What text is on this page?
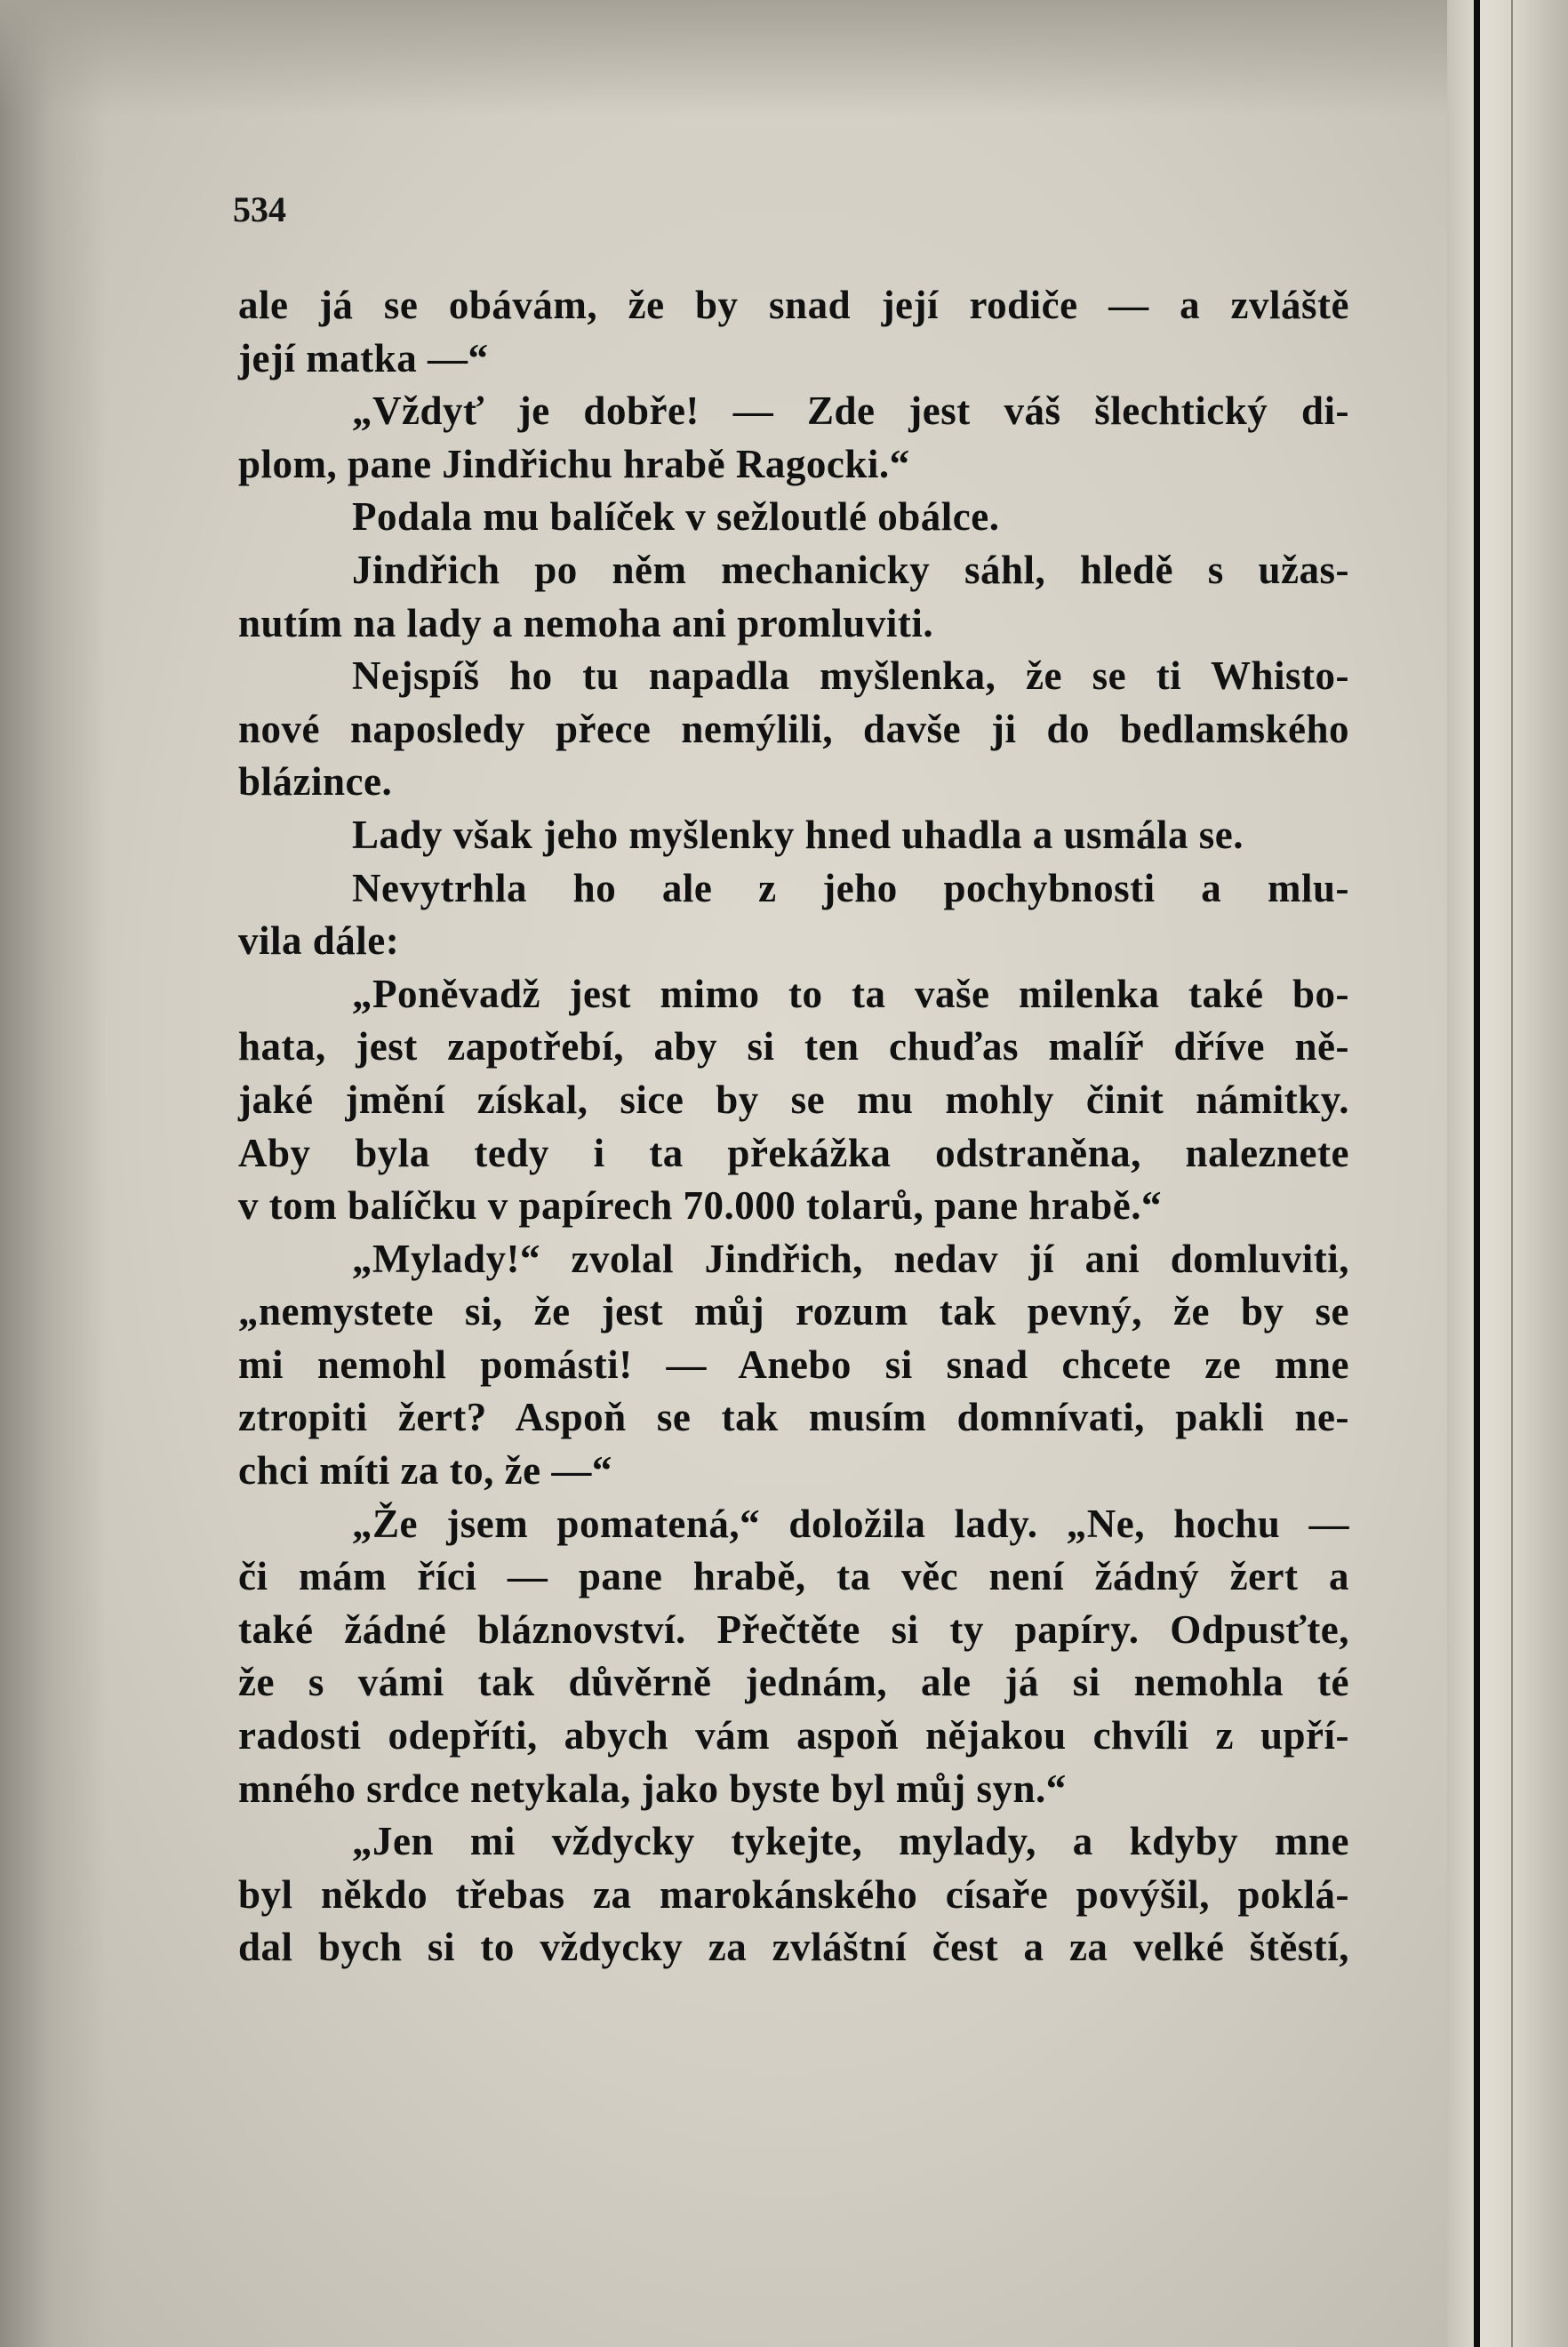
534
ale já se obávám, že by snad její rodiče — a zvláště
její matka —“
„Vždyť je dobře! — Zde jest váš šlechtický di-
plom, pane Jindřichu hrabě Ragocki.“
Podala mu balíček v sežloutlé obálce.
Jindřich po něm mechanicky sáhl, hledě s užas-
nutím na lady a nemoha ani promluviti.
Nejspíš ho tu napadla myšlenka, že se ti Whisto-
nové naposledy přece nemýlili, davše ji do bedlamského
blázince.
Lady však jeho myšlenky hned uhadla a usmála se.
Nevytrhla ho ale z jeho pochybnosti a mlu-
vila dále:
„Poněvadž jest mimo to ta vaše milenka také bo-
hata, jest zapotřebí, aby si ten chuďas malíř dříve ně-
jaké jmění získal, sice by se mu mohly činit námitky.
Aby byla tedy i ta překážka odstraněna, naleznete
v tom balíčku v papírech 70.000 tolarů, pane hrabě.“
„Mylady!“ zvolal Jindřich, nedav jí ani domluviti,
„nemystete si, že jest můj rozum tak pevný, že by se
mi nemohl pomásti! — Anebo si snad chcete ze mne
ztropiti žert? Aspoň se tak musím domnívati, pakli ne-
chci míti za to, že —“
„Že jsem pomatená,“ doložila lady. „Ne, hochu —
či mám říci — pane hrabě, ta věc není žádný žert a
také žádné bláznovství. Přečtěte si ty papíry. Odpusťte,
že s vámi tak důvěrně jednám, ale já si nemohla té
radosti odepříti, abych vám aspoň nějakou chvíli z upří-
mného srdce netykala, jako byste byl můj syn.“
„Jen mi vždycky tykejte, mylady, a kdyby mne
byl někdo třebas za marokánského císaře povýšil, poklá-
dal bych si to vždycky za zvláštní čest a za velké štěstí,
